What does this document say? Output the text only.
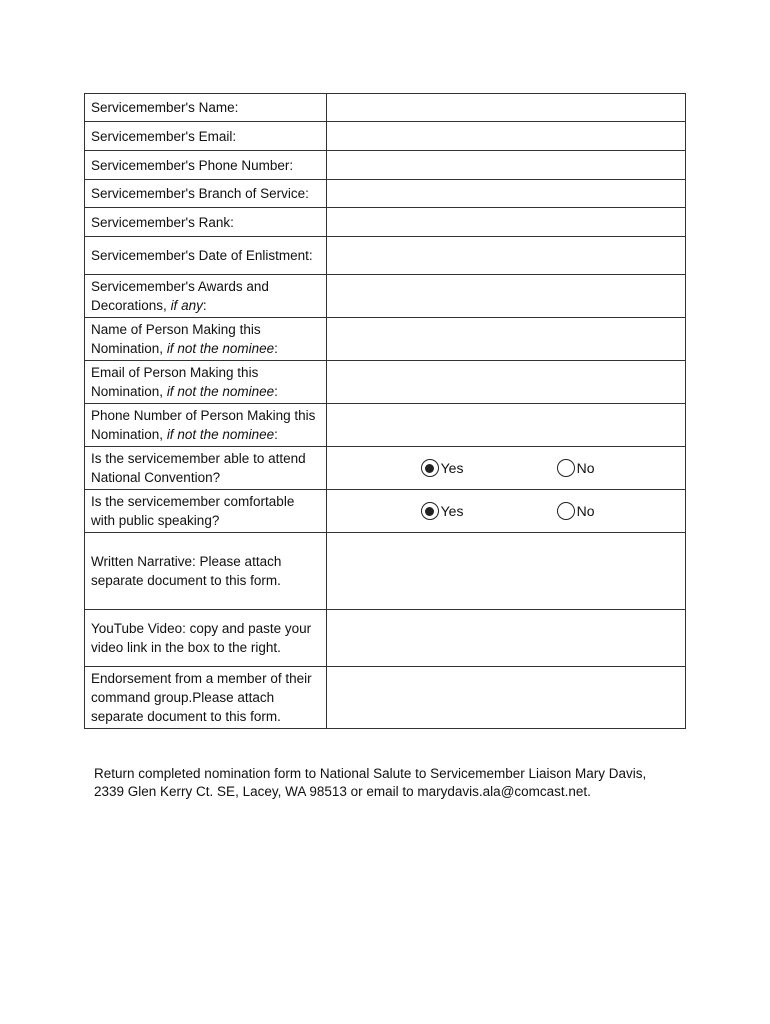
Servicemember's Name:	

Servicemember's Email:	

Servicemember's Phone Number:	

Servicemember's Branch of Service:	

Servicemember's Rank:	

Servicemember's Date of Enlistment:	

Servicemember's Awards and Decorations, if any:	

Name of Person Making this Nomination, if not the nominee:	

Email of Person Making this Nomination, if not the nominee:	

Phone Number of Person Making this Nomination, if not the nominee:	

Is the servicemember able to attend National Convention?	Yes No

Is the servicemember comfortable with public speaking?	Yes No

Written Narrative: Please attach separate document to this form.	

YouTube Video: copy and paste your video link in the box to the right.	

Endorsement from a member of their command group.Please attach separate document to this form.	
Return completed nomination form to National Salute to Servicemember Liaison Mary Davis,
2339 Glen Kerry Ct. SE, Lacey, WA 98513 or email to marydavis.ala@comcast.net.
